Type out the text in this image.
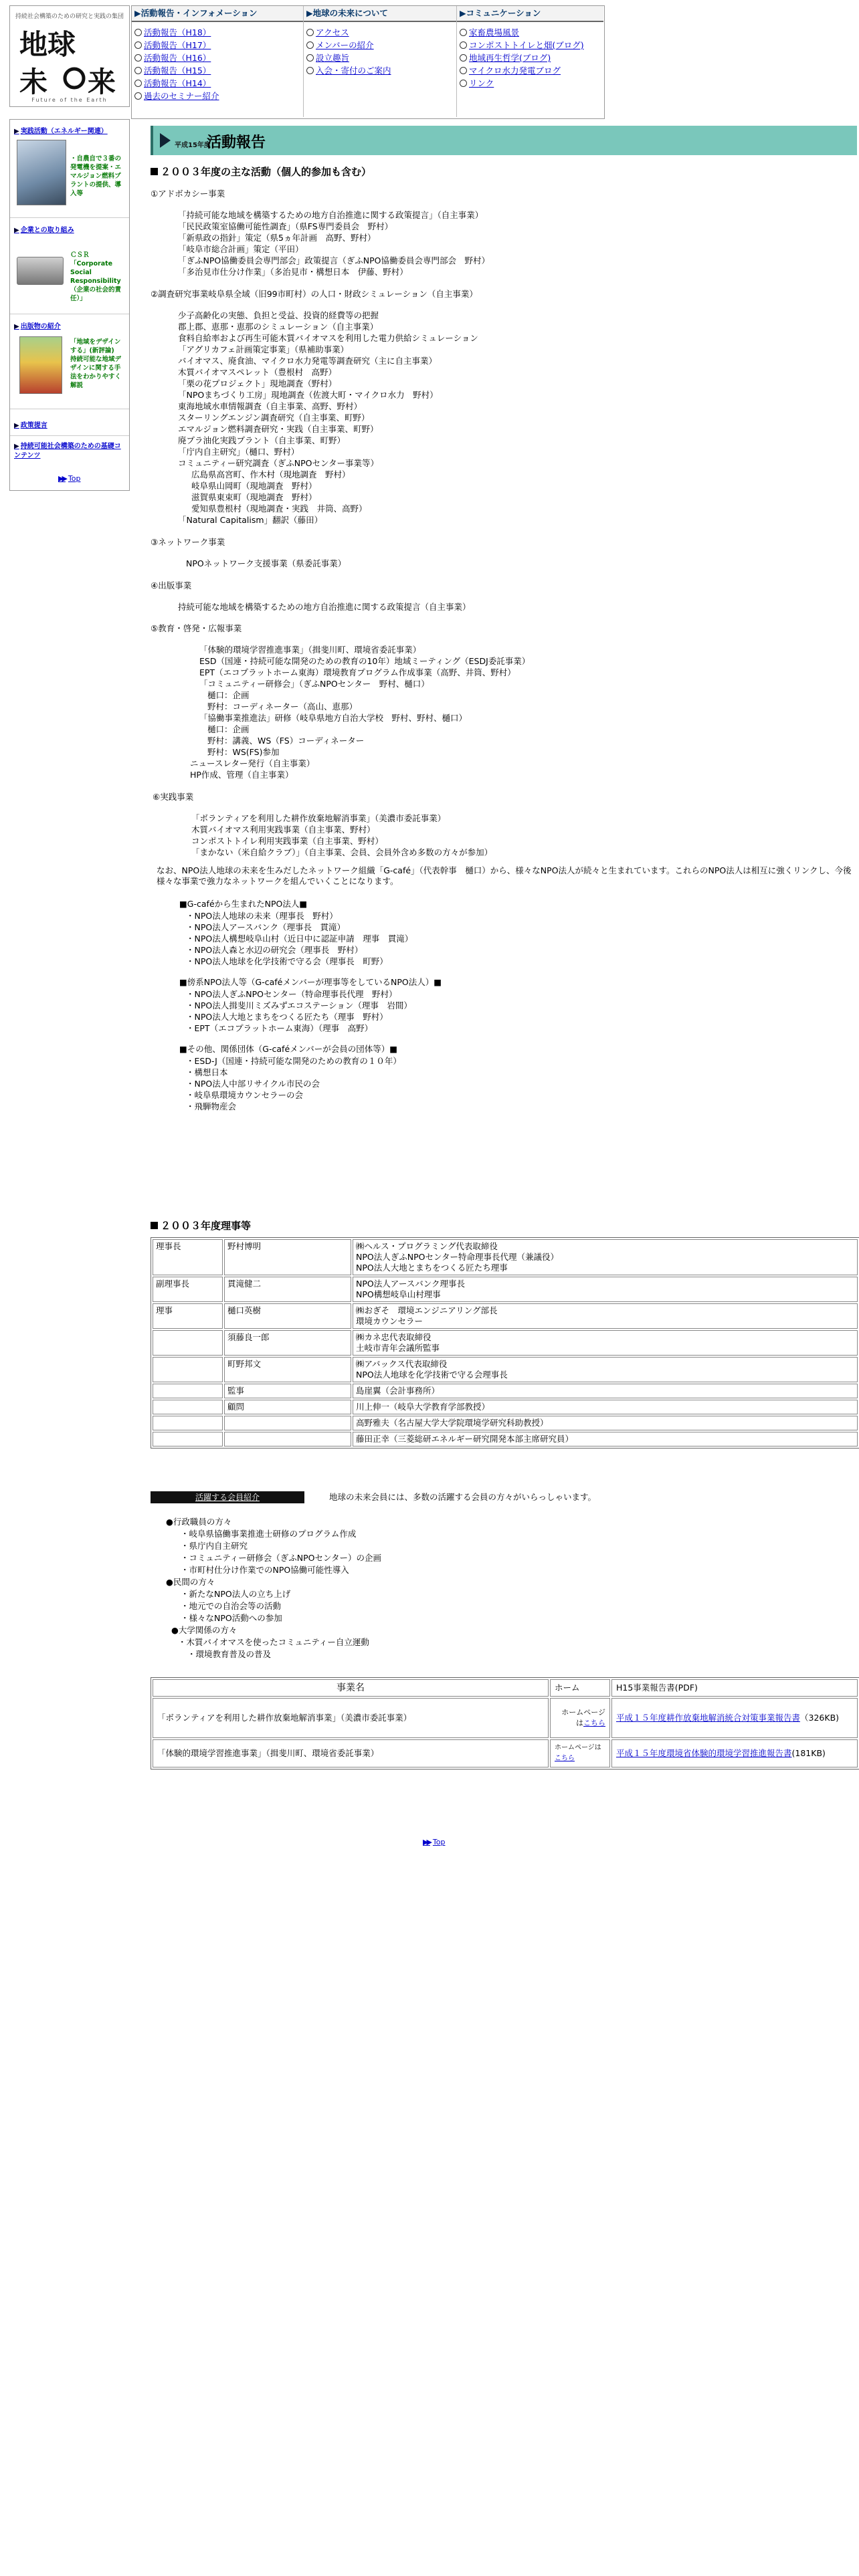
持続社会構築のための研究と実践の集団
地球
未 来
Future of the Earth
▶活動報告・インフォメーション
活動報告（H18）
活動報告（H17）
活動報告（H16）
活動報告（H15）
活動報告（H14）
過去のセミナー紹介
▶地球の未来について
アクセス
メンバーの紹介
設立趣旨
入会・寄付のご案内
▶コミュニケーション
家畜農場風景
コンポストトイレと畑(ブログ)
地域再生哲学(ブログ)
マイクロ水力発電ブログ
リンク
▶ 実践活動（エネルギー関連）
・自農自で３番の発電機を提案・エマルジョン燃料プラントの提供、導入等
▶ 企業との取り組み
ＣＳＲ「Corporate Social Responsibility（企業の社会的責任）」
▶ 出版物の紹介
「地域をデザインする」(新評論)　持続可能な地域デザインに関する手法をわかりやすく解説
▶ 政策提言
▶ 持続可能社会構築のための基礎コンテンツ
▶▶ Top
平成15年度
活動報告
２００３年度の主な活動（個人的参加も含む）
①アドボカシー事業
「持続可能な地域を構築するための地方自治推進に関する政策提言」（自主事業）
「民民政策室協働可能性調査」（県FS専門委員会　野村）
「新県政の指針」策定（県5ヵ年計画　高野、野村）
「岐阜市総合計画」策定（平田）
「ぎふNPO協働委員会専門部会」政策提言（ぎふNPO協働委員会専門部会　野村）
「多治見市仕分け作業」（多治見市・構想日本　伊藤、野村）
②調査研究事業岐阜県全域（旧99市町村）の人口・財政シミュレーション（自主事業）
少子高齢化の実態、負担と受益、投資的経費等の把握
郡上郡、恵那・恵那のシミュレーション（自主事業）
食料自給率および再生可能木質バイオマスを利用した電力供給シミュレーション
「アグリカフェ計画策定事業」（県補助事業）
バイオマス、廃食油、マイクロ水力発電等調査研究（主に自主事業）
木質バイオマスペレット（豊根村　高野）
「栗の花プロジェクト」現地調査（野村）
「NPOまちづくり工房」現地調査（佐渡大町・マイクロ水力　野村）
東海地域水車情報調査（自主事業、高野、野村）
スターリングエンジン調査研究（自主事業、町野）
エマルジョン燃料調査研究・実践（自主事業、町野）
廃プラ油化実践プラント（自主事業、町野）
「庁内自主研究」（樋口、野村）
コミュニティー研究調査（ぎふNPOセンター事業等）
広島県高宮町、作木村（現地調査　野村）
岐阜県山岡町（現地調査　野村）
滋賀県東束町（現地調査　野村）
愛知県豊根村（現地調査・実践　井筒、高野）
「Natural Capitalism」翻訳（藤田）
③ネットワーク事業
NPOネットワーク支援事業（県委託事業）
④出版事業
持続可能な地域を構築するための地方自治推進に関する政策提言（自主事業）
⑤教育・啓発・広報事業
「体験的環境学習推進事業」（揖斐川町、環境省委託事業）
ESD（国連・持続可能な開発のための教育の10年）地域ミーティング（ESDJ委託事業）
EPT（エコプラットホーム東海）環境教育プログラム作成事業（高野、井筒、野村）
「コミュニティー研修会」（ぎふNPOセンター　野村、樋口）
樋口：企画
野村：コーディネーター（高山、恵那）
「協働事業推進法」研修（岐阜県地方自治大学校　野村、野村、樋口）
樋口：企画
野村：講義、WS（FS）コーディネーター
野村：WS(FS)参加
ニュースレター発行（自主事業）
HP作成、管理（自主事業）
⑥実践事業
「ボランティアを利用した耕作放棄地解消事業」（美濃市委託事業）
木質バイオマス利用実践事業（自主事業、野村）
コンポストトイレ利用実践事業（自主事業、野村）
「まかない（米自給クラブ）」（自主事業、会員、会員外含め多数の方々が参加）
なお、NPO法人地球の未来を生みだしたネットワーク組織「G-café」（代表幹事　樋口）から、様々なNPO法人が続々と生まれています。これらのNPO法人は相互に強くリンクし、今後様々な事業で強力なネットワークを組んでいくことになります。
■G-caféから生まれたNPO法人■
・NPO法人地球の未来（理事長　野村）
・NPO法人アースバンク（理事長　貫滝）
・NPO法人構想岐阜山村（近日中に認証申請　理事　貫滝）
・NPO法人森と水辺の研究会（理事長　野村）
・NPO法人地球を化学技術で守る会（理事長　町野）
■傍系NPO法人等（G-caféメンバーが理事等をしているNPO法人）■
・NPO法人ぎふNPOセンター（特命理事長代理　野村）
・NPO法人揖斐川ミズみずエコステーション（理事　岩間）
・NPO法人大地とまちをつくる匠たち（理事　野村）
・EPT（エコプラットホーム東海）（理事　高野）
■その他、関係団体（G-caféメンバーが会員の団体等）■
・ESD-J（国連・持続可能な開発のための教育の１０年）
・構想日本
・NPO法人中部リサイクル市民の会
・岐阜県環境カウンセラーの会
・飛騨物産会
２００３年度理事等
理事長	野村博明	㈱ヘルス・プログラミング代表取締役
NPO法人ぎふNPOセンター特命理事長代理（兼議役）
NPO法人大地とまちをつくる匠たち理事
副理事長	貫滝健二	NPO法人アースバンク理事長
NPO構想岐阜山村理事
理事	樋口英樹	㈱おぎそ　環境エンジニアリング部長
環境カウンセラー
	須藤良一郎	㈱カネ忠代表取締役
土岐市青年会議所監事
	町野邦文	㈱アバックス代表取締役
NPO法人地球を化学技術で守る会理事長
	監事	島崖翼（会計事務所）
	顧問	川上伸一（岐阜大学教育学部教授）
		高野雅夫（名古屋大学大学院環境学研究科助教授）
		藤田正幸（三菱総研エネルギー研究開発本部主席研究員）
活躍する会員紹介	地球の未来会員には、多数の活躍する会員の方々がいらっしゃいます。
●行政職員の方々
・岐阜県協働事業推進士研修のプログラム作成
・県庁内自主研究
・コミュニティー研修会（ぎふNPOセンター）の企画
・市町村仕分け作業でのNPO協働可能性導入
●民間の方々
・新たなNPO法人の立ち上げ
・地元での自治会等の活動
・様々なNPO活動への参加
●大学関係の方々
・木質バイオマスを使ったコミュニティー自立運動
・環境教育普及の普及
事業名	ホーム	H15事業報告書(PDF)
「ボランティアを利用した耕作放棄地解消事業」（美濃市委託事業）	ホームページはこちら	平成１５年度耕作放棄地解消統合対策事業報告書（326KB)
「体験的環境学習推進事業」（揖斐川町、環境省委託事業）	ホームページはこちら	平成１５年度環境省体験的環境学習推進報告書(181KB)
▶▶ Top
